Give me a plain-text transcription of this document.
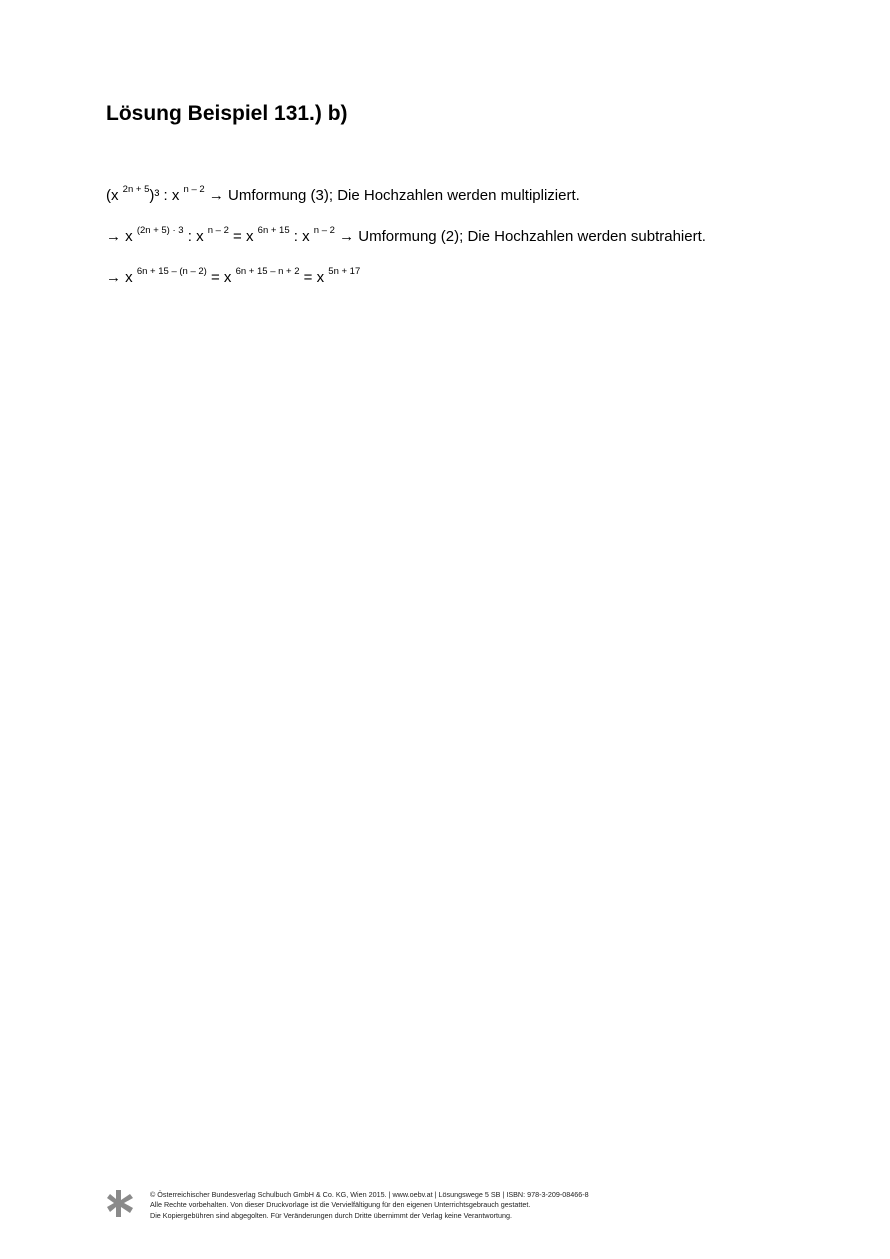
Lösung Beispiel 131.) b)
(x $^{2n + 5}$)³ : x $^{n - 2}$ → Umformung (3); Die Hochzahlen werden multipliziert.
→ x $^{(2n + 5) \cdot 3}$ : x $^{n - 2}$ = x $^{6n + 15}$ : x $^{n - 2}$ → Umformung (2); Die Hochzahlen werden subtrahiert.
→ x $^{6n + 15 - (n - 2)}$ = x $^{6n + 15 - n + 2}$ = x $^{5n + 17}$
© Österreichischer Bundesverlag Schulbuch GmbH & Co. KG, Wien 2015. | www.oebv.at | Lösungswege 5 SB | ISBN: 978-3-209-08466-8
Alle Rechte vorbehalten. Von dieser Druckvorlage ist die Vervielfältigung für den eigenen Unterrichtsgebrauch gestattet.
Die Kopiergebühren sind abgegolten. Für Veränderungen durch Dritte übernimmt der Verlag keine Verantwortung.
